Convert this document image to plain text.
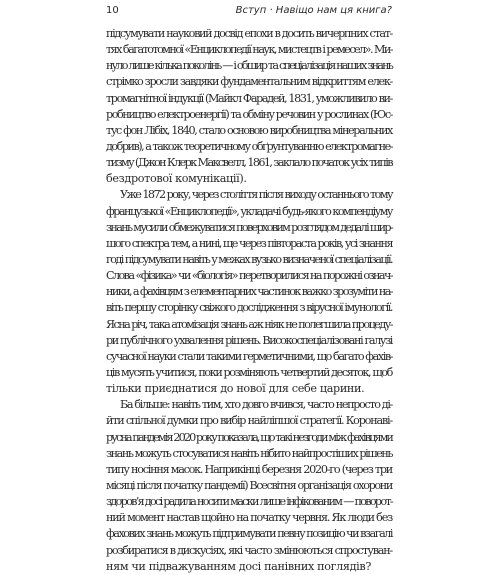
10	Вступ · Навіщо нам ця книга?
підсумувати науковий досвід епохи в досить вичерпних стат-
тях багатотомної «Енциклопедії наук, мистецтв і ремесел». Ми-
нуло лише кілька поколінь — і обшир та спеціалізація наших знань
стрімко зросли завдяки фундаментальним відкриттям елек-
тромагнітної індукції (Майкл Фарадей, 1831, уможливило ви-
робництво електроенергії) та обміну речовин у рослинах (Юс-
тус фон Лібіх, 1840, стало основою виробництва мінеральних
добрив), а також теоретичному обґрунтуванню електромагне-
тизму (Джон Клерк Максвелл, 1861, заклало початок усіх типів
бездротової комунікації).
Уже 1872 року, через століття після виходу останнього тому
французької «Енциклопедії», укладачі будь-якого компендіуму
знань мусили обмежуватися поверховим розглядом дедалі шир-
шого спектра тем, а нині, ще через півтораста років, усі знання
годі підсумувати навіть у межах вузько визначеної спеціалізації.
Слова «фізика» чи «біологія» перетворилися на порожні означ-
ники, а фахівцям з елементарних частинок важко зрозуміти на-
віть першу сторінку свіжого дослідження з вірусної імунології.
Ясна річ, така атомізація знань аж ніяк не полегшила процеду-
ри публічного ухвалення рішень. Високоспеціалізовані галузі
сучасної науки стали такими герметичними, що багато фахів-
ців мусять учитися, поки розміняють четвертий десяток, щоб
тільки приєднатися до нової для себе царини.
Ба більше: навіть тим, хто довго вчився, часто непросто ді-
йти спільної думки про вибір найліпшої стратегії. Коронаві-
русна пандемія 2020 року показала, що такі незгоди між фахівцями
знань можуть стосуватися навіть нібито найпростіших рішень
типу носіння масок. Наприкінці березня 2020-го (через три
місяці після початку пандемії) Всесвітня організація охорони
здоров’я досі радила носити маски лише інфікованим — поворот-
ний момент настав щойно на початку червня. Як люди без
фахових знань можуть підтримувати певну позицію чи взагалі
розбиратися в дискусіях, які часто змінюються спростуван-
ням чи підважуванням досі панівних поглядів?
